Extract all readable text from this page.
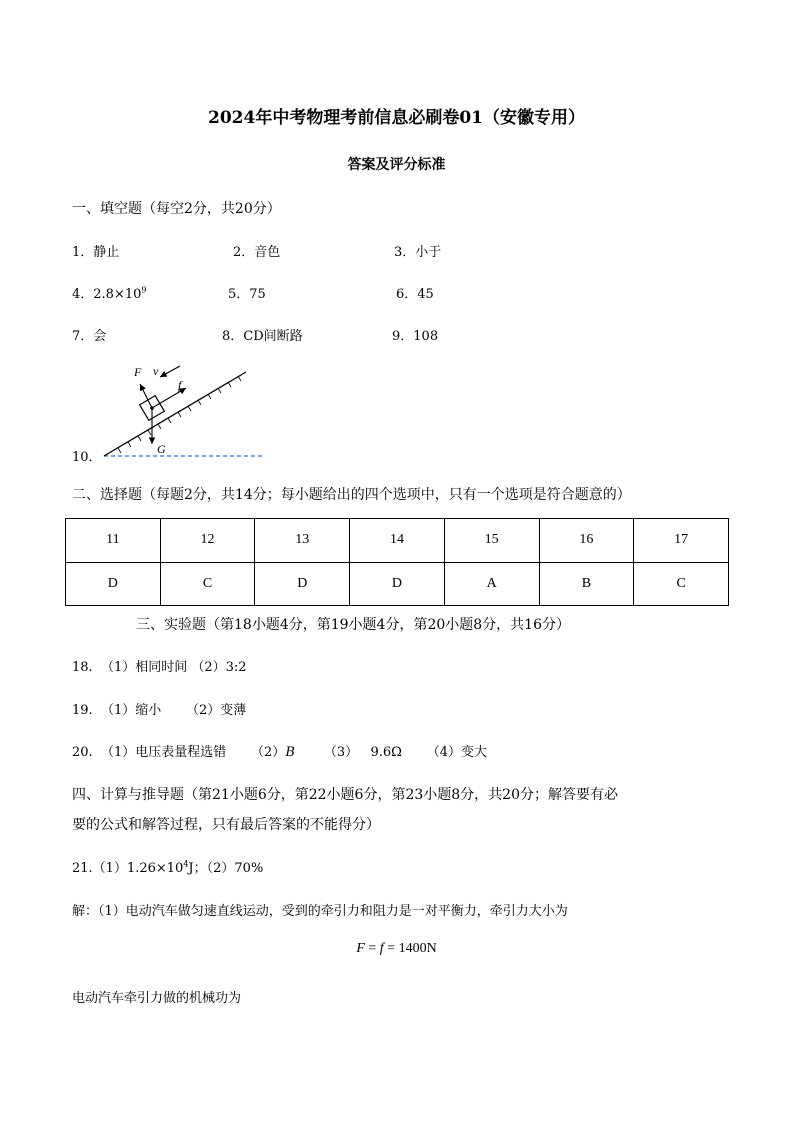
2024年中考物理考前信息必刷卷01（安徽专用）
答案及评分标准
一、填空题（每空2分，共20分）
1．静止	2．音色	3．小于
4．$2.8\times 10^9$	5．75	6．45
7．会	8．CD间断路	9．108
10．
F v
f
G
二、选择题（每题2分，共14分；每小题给出的四个选项中，只有一个选项是符合题意的）
11	12	13	14	15	16	17
D	C	D	D	A	B	C
三、实验题（第18小题4分，第19小题4分，第20小题8分，共16分）
18. （1）相同时间 （2）3:2
19. （1）缩小 （2）变薄
20. （1）电压表量程选错 （2）B （3） 9.6Ω （4）变大
四、计算与推导题（第21小题6分，第22小题6分，第23小题8分，共20分；解答要有必
要的公式和解答过程，只有最后答案的不能得分）
$21.(1)1.26\times 10^4J$；（2）70%
解：（1）电动汽车做匀速直线运动，受到的牵引力和阻力是一对平衡力，牵引力大小为
F = f = 1400N
电动汽车牵引力做的机械功为
